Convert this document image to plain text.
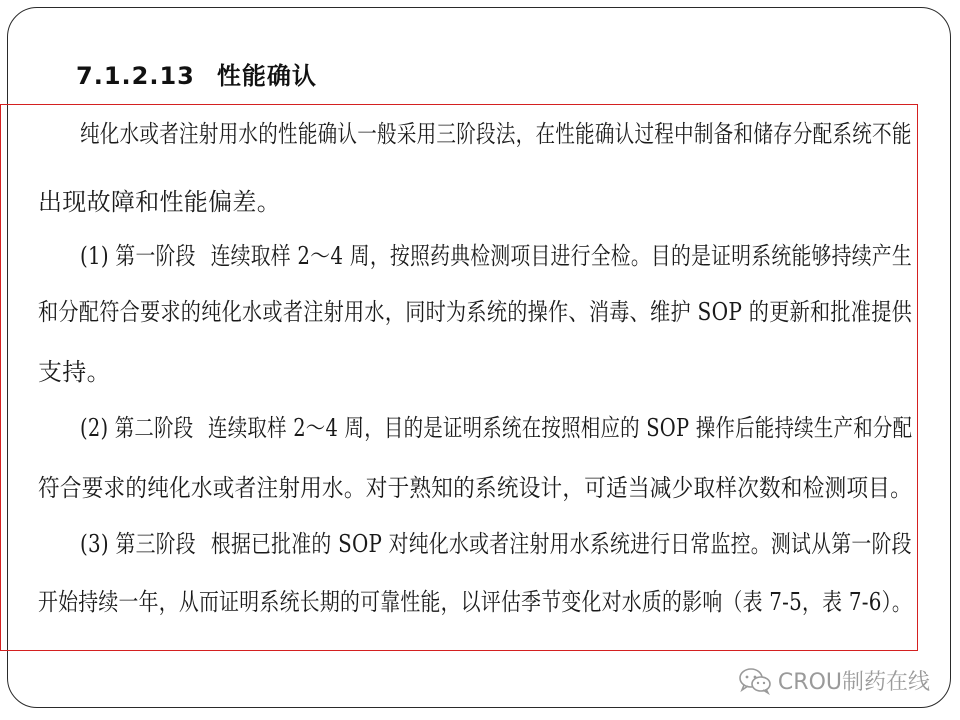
7.1.2.13 性能确认
纯化水或者注射用水的性能确认一般采用三阶段法，在性能确认过程中制备和储存分配系统不能
出现故障和性能偏差。
(1) 第一阶段 连续取样 2～4 周，按照药典检测项目进行全检。目的是证明系统能够持续产生
和分配符合要求的纯化水或者注射用水，同时为系统的操作、消毒、维护 SOP 的更新和批准提供
支持。
(2) 第二阶段 连续取样 2～4 周，目的是证明系统在按照相应的 SOP 操作后能持续生产和分配
符合要求的纯化水或者注射用水。对于熟知的系统设计，可适当减少取样次数和检测项目。
(3) 第三阶段 根据已批准的 SOP 对纯化水或者注射用水系统进行日常监控。测试从第一阶段
开始持续一年，从而证明系统长期的可靠性能，以评估季节变化对水质的影响（表 7-5，表 7-6）。
CROU制药在线
